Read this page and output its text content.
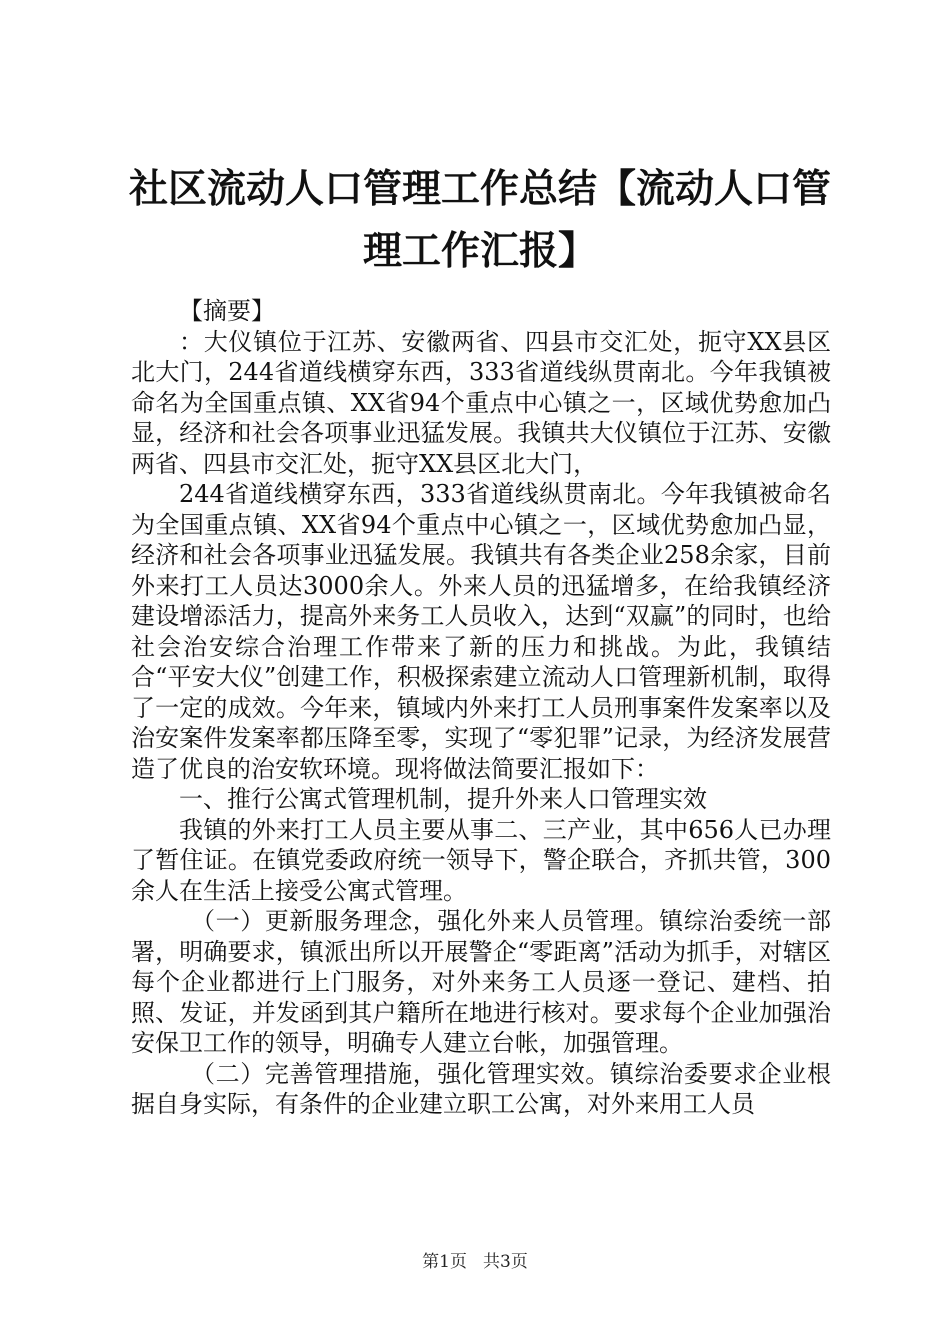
社区流动人口管理工作总结【流动人口管理工作汇报】

【摘要】

：大仪镇位于江苏、安徽两省、四县市交汇处，扼守XX县区北大门，244省道线横穿东西，333省道线纵贯南北。今年我镇被命名为全国重点镇、XX省94个重点中心镇之一，区域优势愈加凸显，经济和社会各项事业迅猛发展。我镇共大仪镇位于江苏、安徽两省、四县市交汇处，扼守XX县区北大门，

244省道线横穿东西，333省道线纵贯南北。今年我镇被命名为全国重点镇、XX省94个重点中心镇之一，区域优势愈加凸显，经济和社会各项事业迅猛发展。我镇共有各类企业258余家，目前外来打工人员达3000余人。外来人员的迅猛增多，在给我镇经济建设增添活力，提高外来务工人员收入，达到“双赢”的同时，也给社会治安综合治理工作带来了新的压力和挑战。为此，我镇结合“平安大仪”创建工作，积极探索建立流动人口管理新机制，取得了一定的成效。今年来，镇域内外来打工人员刑事案件发案率以及治安案件发案率都压降至零，实现了“零犯罪”记录，为经济发展营造了优良的治安软环境。现将做法简要汇报如下：

一、推行公寓式管理机制，提升外来人口管理实效

我镇的外来打工人员主要从事二、三产业，其中656人已办理了暂住证。在镇党委政府统一领导下，警企联合，齐抓共管，300余人在生活上接受公寓式管理。

（一）更新服务理念，强化外来人员管理。镇综治委统一部署，明确要求，镇派出所以开展警企“零距离”活动为抓手，对辖区每个企业都进行上门服务，对外来务工人员逐一登记、建档、拍照、发证，并发函到其户籍所在地进行核对。要求每个企业加强治安保卫工作的领导，明确专人建立台帐，加强管理。

（二）完善管理措施，强化管理实效。镇综治委要求企业根据自身实际，有条件的企业建立职工公寓，对外来用工人员

第1页 共3页
